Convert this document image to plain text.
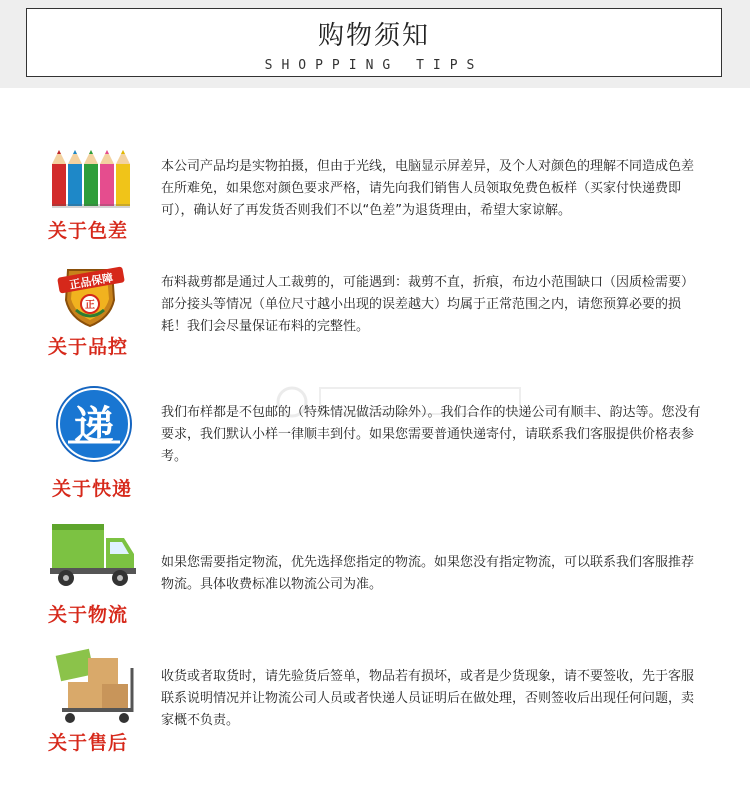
购物须知
SHOPPING TIPS
关于色差
本公司产品均是实物拍摄，但由于光线，电脑显示屏差异，及个人对颜色的理解不同造成色差在所难免，如果您对颜色要求严格，请先向我们销售人员领取免费色板样（买家付快递费即可），确认好了再发货否则我们不以“色差”为退货理由，希望大家谅解。
正品保障
正
关于品控
布料裁剪都是通过人工裁剪的，可能遇到：裁剪不直，折痕，布边小范围缺口（因质检需要）部分接头等情况（单位尺寸越小出现的误差越大）均属于正常范围之内，请您预算必要的损耗！我们会尽量保证布料的完整性。
递
关于快递
我们布样都是不包邮的（特殊情况做活动除外）。我们合作的快递公司有顺丰、韵达等。您没有要求，我们默认小样一律顺丰到付。如果您需要普通快递寄付，请联系我们客服提供价格表参考。
关于物流
如果您需要指定物流，优先选择您指定的物流。如果您没有指定物流，可以联系我们客服推荐物流。具体收费标准以物流公司为准。
关于售后
收货或者取货时，请先验货后签单，物品若有损坏，或者是少货现象，请不要签收，先于客服联系说明情况并让物流公司人员或者快递人员证明后在做处理，否则签收后出现任何问题，卖家概不负责。
